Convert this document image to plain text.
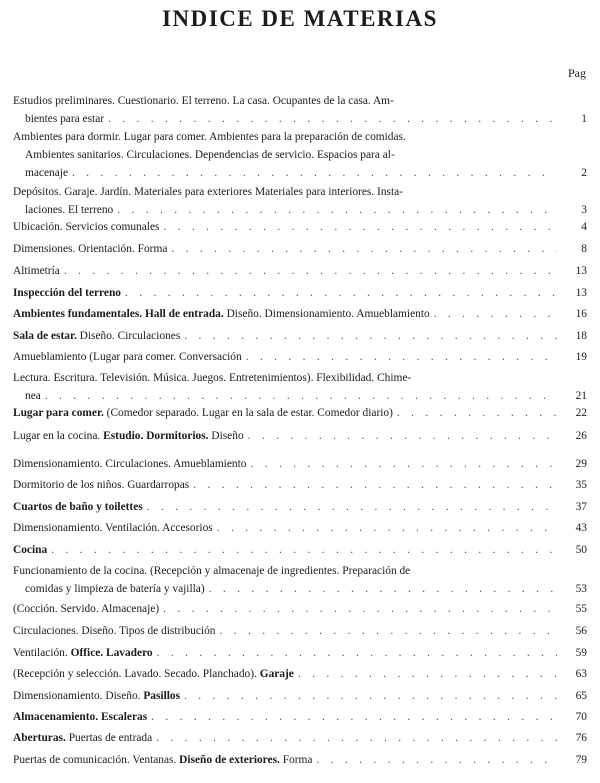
INDICE DE MATERIAS
Pag
Estudios preliminares. Cuestionario. El terreno. La casa. Ocupantes de la casa. Am-
bientes para estar .	1
Ambientes para dormir. Lugar para comer. Ambientes para la preparación de comidas.
Ambientes sanitarios. Circulaciones. Dependencias de servicio. Espacios para al-
macenaje .	2
Depósitos. Garaje. Jardín. Materiales para exteriores Materiales para interiores. Insta-
laciones. El terreno .	3
Ubicación. Servicios comunales .	4
Dimensiones. Orientación. Forma .	8
Altimetría .	13
Inspección del terreno .	13
Ambientes fundamentales. Hall de entrada. Diseño. Dimensionamiento. Amueblamiento .	16
Sala de estar. Diseño. Circulaciones .	18
Amueblamiento (Lugar para comer. Conversación .	19
Lectura. Escritura. Televisión. Música. Juegos. Entretenimientos). Flexibilidad. Chime-
nea .	21
Lugar para comer. (Comedor separado. Lugar en la sala de estar. Comedor diario) .	22
Lugar en la cocina. Estudio. Dormitorios. Diseño .	26
Dimensionamiento. Circulaciones. Amueblamiento .	29
Dormitorio de los niños. Guardarropas .	35
Cuartos de baño y toilettes .	37
Dimensionamiento. Ventilación. Accesorios .	43
Cocina .	50
Funcionamiento de la cocina. (Recepción y almacenaje de ingredientes. Preparación de
comidas y limpieza de batería y vajilla) .	53
(Cocción. Servido. Almacenaje) .	55
Circulaciones. Diseño. Tipos de distribución .	56
Ventilación. Office. Lavadero .	59
(Recepción y selección. Lavado. Secado. Planchado). Garaje .	63
Dimensionamiento. Diseño. Pasillos .	65
Almacenamiento. Escaleras .	70
Aberturas. Puertas de entrada .	76
Puertas de comunicación. Ventanas. Diseño de exteriores. Forma .	79
